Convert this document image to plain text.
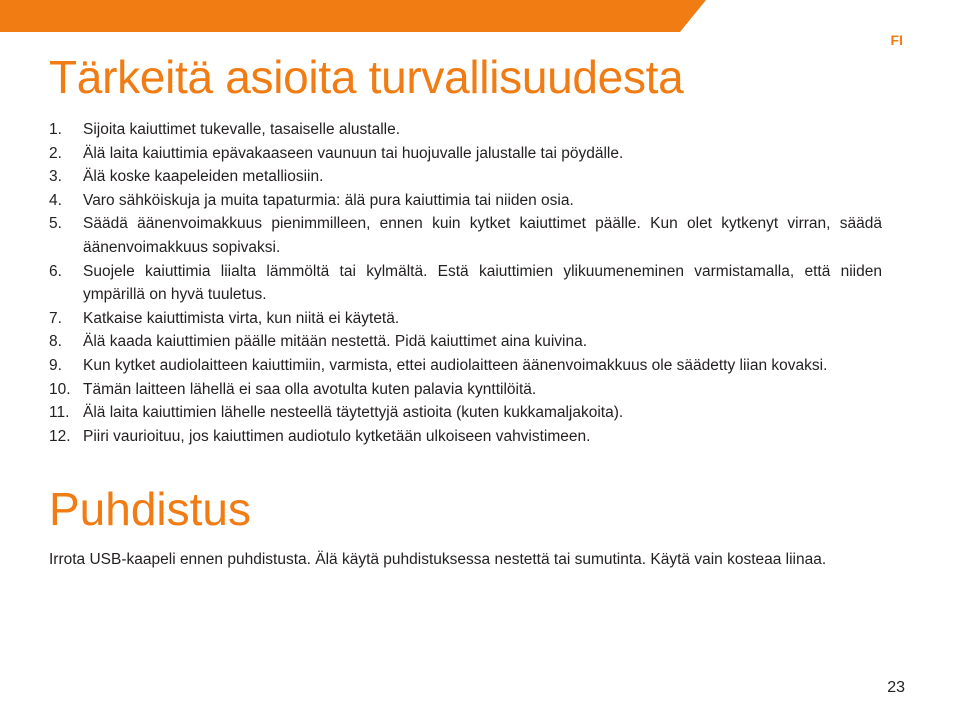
FI
Tärkeitä asioita turvallisuudesta
1.	Sijoita kaiuttimet tukevalle, tasaiselle alustalle.
2.	Älä laita kaiuttimia epävakaaseen vaunuun tai huojuvalle jalustalle tai pöydälle.
3.	Älä koske kaapeleiden metalliosiin.
4.	Varo sähköiskuja ja muita tapaturmia: älä pura kaiuttimia tai niiden osia.
5.	Säädä äänenvoimakkuus pienimmilleen, ennen kuin kytket kaiuttimet päälle. Kun olet kytkenyt virran, säädä äänenvoimakkuus sopivaksi.
6.	Suojele kaiuttimia liialta lämmöltä tai kylmältä. Estä kaiuttimien ylikuumeneminen varmistamalla, että niiden ympärillä on hyvä tuuletus.
7.	Katkaise kaiuttimista virta, kun niitä ei käytetä.
8.	Älä kaada kaiuttimien päälle mitään nestettä. Pidä kaiuttimet aina kuivina.
9.	Kun kytket audiolaitteen kaiuttimiin, varmista, ettei audiolaitteen äänenvoimakkuus ole säädetty liian kovaksi.
10. Tämän laitteen lähellä ei saa olla avotulta kuten palavia kynttilöitä.
11. Älä laita kaiuttimien lähelle nesteellä täytettyjä astioita (kuten kukkamaljakoita).
12. Piiri vaurioituu, jos kaiuttimen audiotulo kytketään ulkoiseen vahvistimeen.
Puhdistus

Irrota USB-kaapeli ennen puhdistusta. Älä käytä puhdistuksessa nestettä tai sumutinta. Käytä vain kosteaa liinaa.

23
